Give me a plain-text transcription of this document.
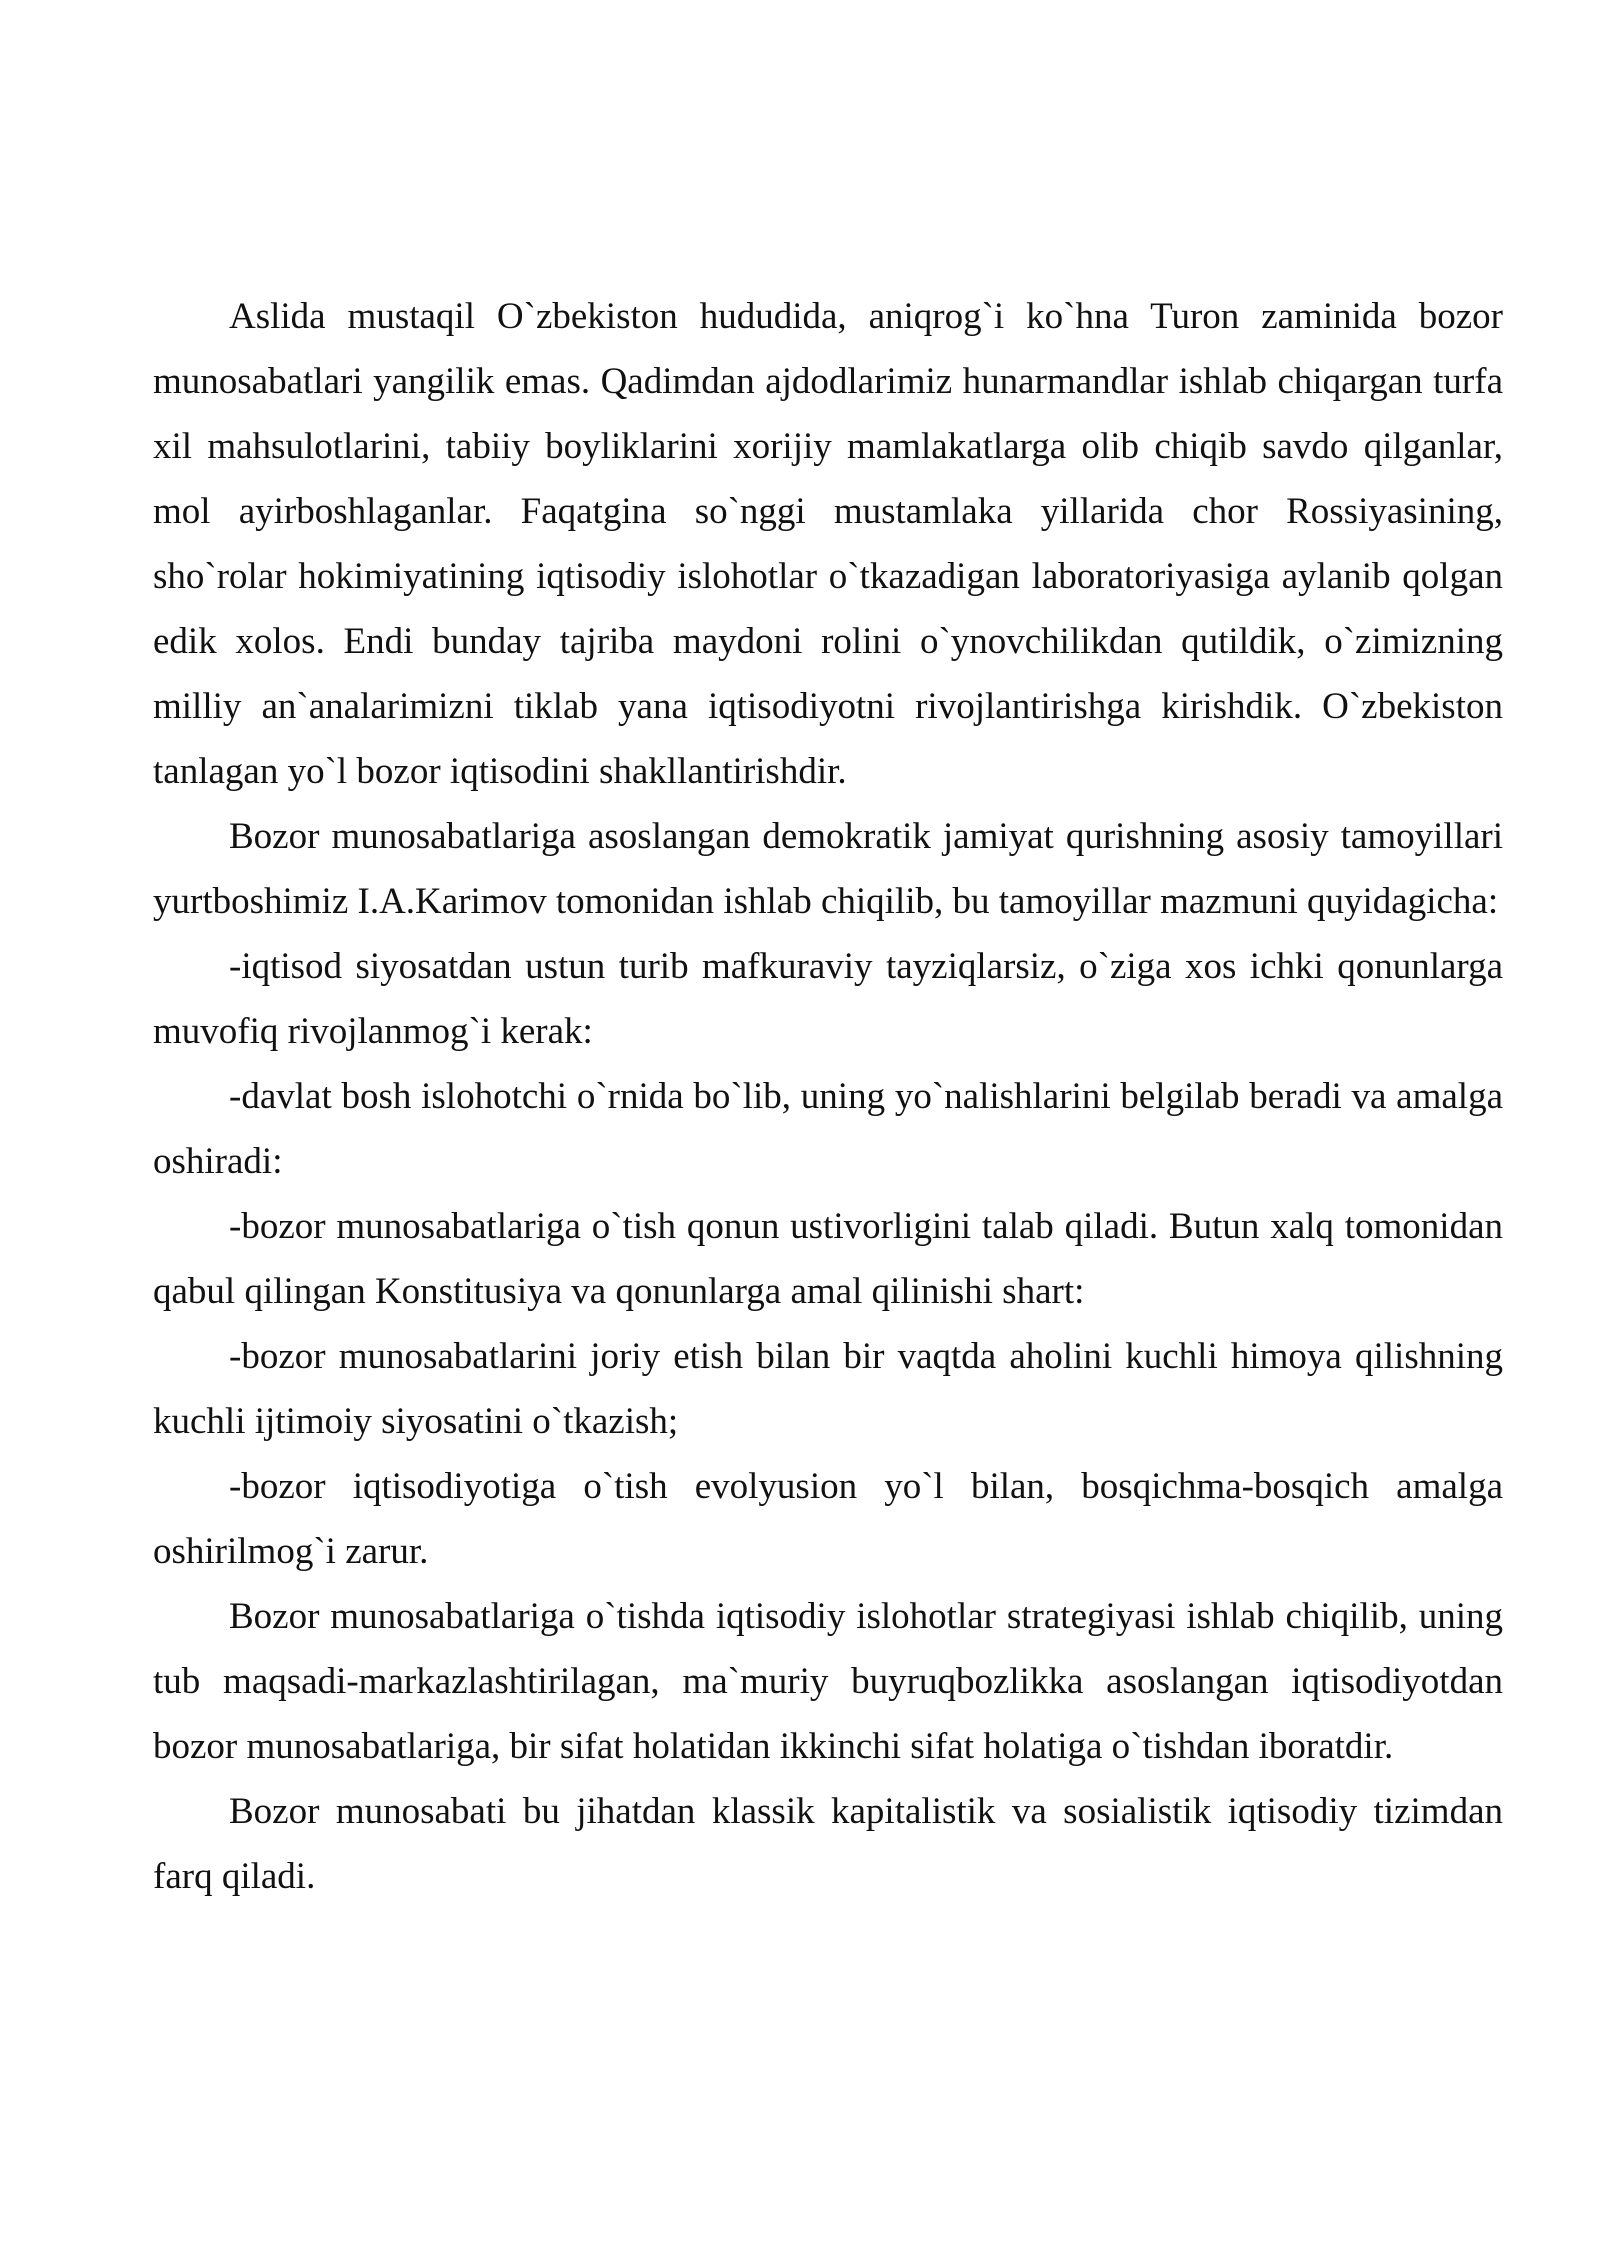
Aslida mustaqil O`zbekiston hududida, aniqrog`i ko`hna Turon zaminida bozor munosabatlari yangilik emas. Qadimdan ajdodlarimiz hunarmandlar ishlab chiqargan turfa xil mahsulotlarini, tabiiy boyliklarini xorijiy mamlakatlarga olib chiqib savdo qilganlar, mol ayirboshlaganlar. Faqatgina so`nggi mustamlaka yillarida chor Rossiyasining, sho`rolar hokimiyatining iqtisodiy islohotlar o`tkazadigan laboratoriyasiga aylanib qolgan edik xolos. Endi bunday tajriba maydoni rolini o`ynovchilikdan qutildik, o`zimizning milliy an`analarimizni tiklab yana iqtisodiyotni rivojlantirishga kirishdik. O`zbekiston tanlagan yo`l bozor iqtisodini shakllantirishdir.

Bozor munosabatlariga asoslangan demokratik jamiyat qurishning asosiy tamoyillari yurtboshimiz I.A.Karimov tomonidan ishlab chiqilib, bu tamoyillar mazmuni quyidagicha:

-iqtisod siyosatdan ustun turib mafkuraviy tayziqlarsiz, o`ziga xos ichki qonunlarga muvofiq rivojlanmog`i kerak:

-davlat bosh islohotchi o`rnida bo`lib, uning yo`nalishlarini belgilab beradi va amalga oshiradi:

-bozor munosabatlariga o`tish qonun ustivorligini talab qiladi. Butun xalq tomonidan qabul qilingan Konstitusiya va qonunlarga amal qilinishi shart:

-bozor munosabatlarini joriy etish bilan bir vaqtda aholini kuchli himoya qilishning kuchli ijtimoiy siyosatini o`tkazish;

-bozor iqtisodiyotiga o`tish evolyusion yo`l bilan, bosqichma-bosqich amalga oshirilmog`i zarur.

Bozor munosabatlariga o`tishda iqtisodiy islohotlar strategiyasi ishlab chiqilib, uning tub maqsadi-markazlashtirilagan, ma`muriy buyruqbozlikka asoslangan iqtisodiyotdan bozor munosabatlariga, bir sifat holatidan ikkinchi sifat holatiga o`tishdan iboratdir.

Bozor munosabati bu jihatdan klassik kapitalistik va sosialistik iqtisodiy tizimdan farq qiladi.
